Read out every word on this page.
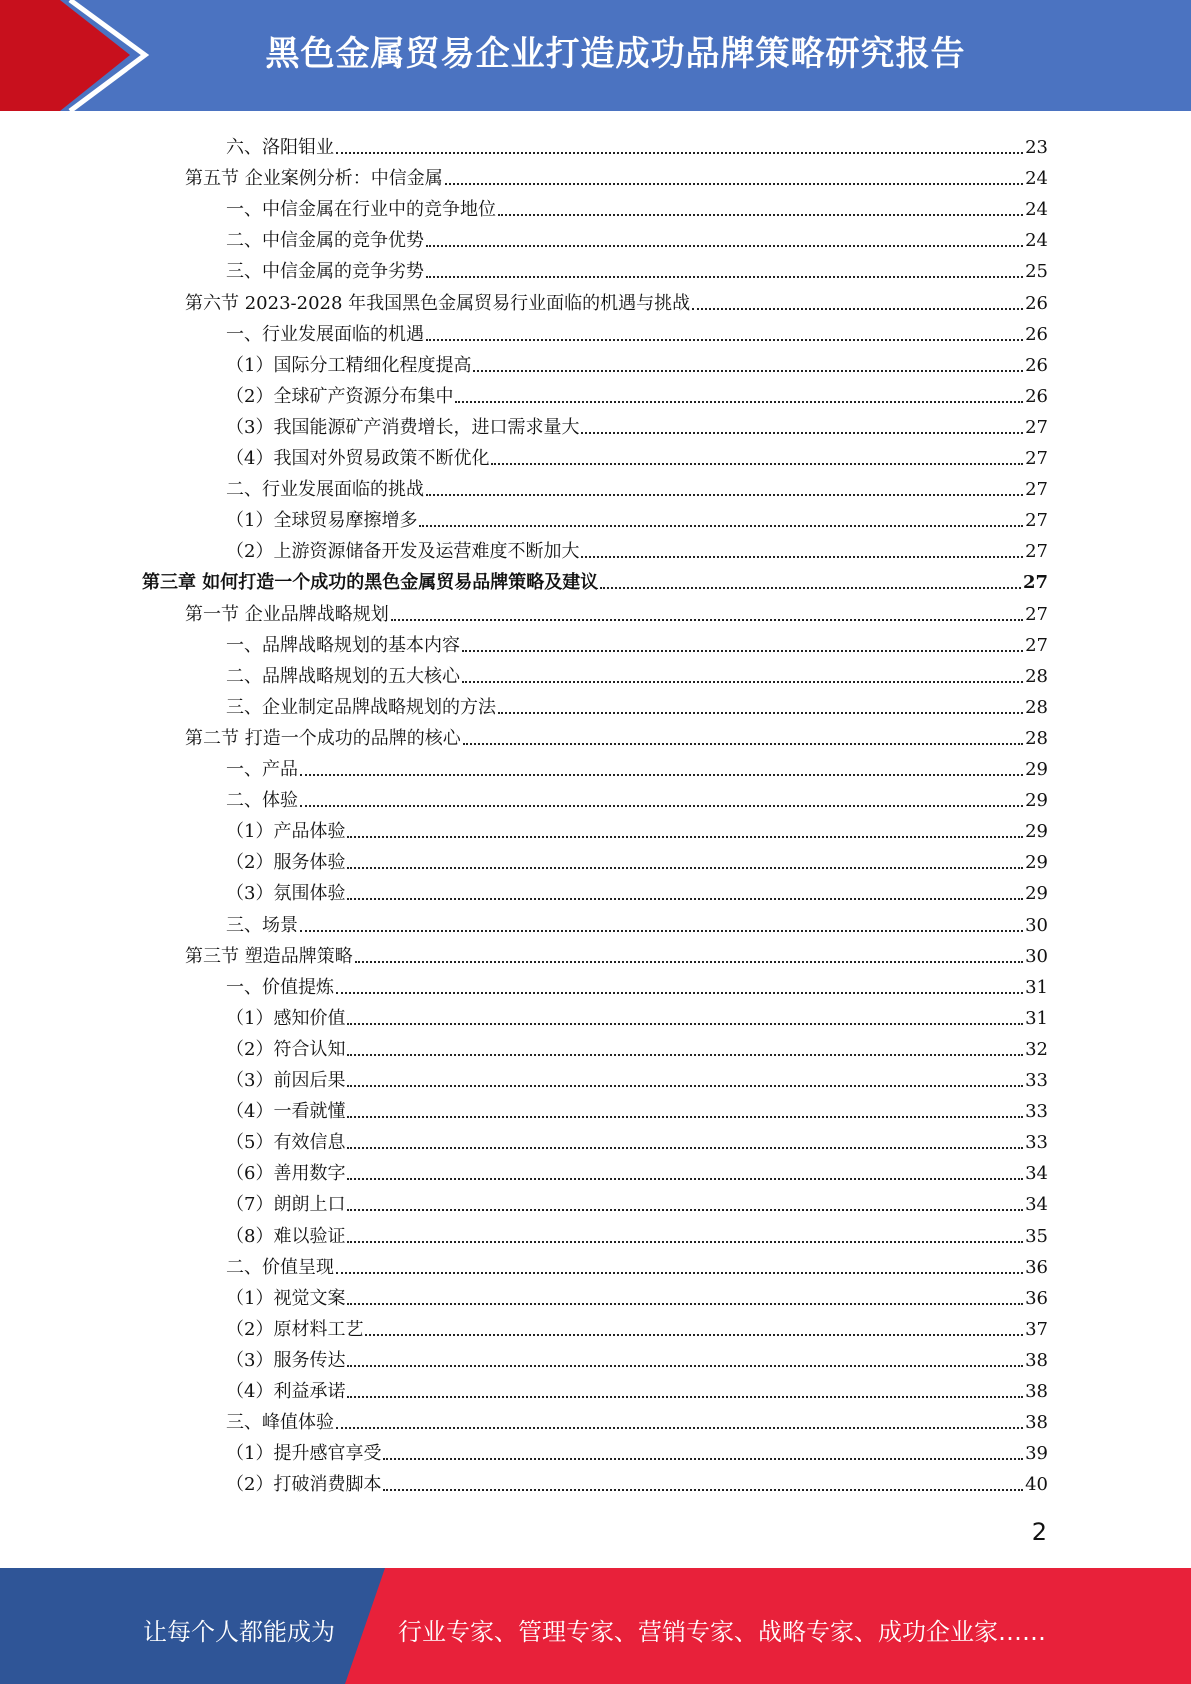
黑色金属贸易企业打造成功品牌策略研究报告
六、洛阳钼业	23
第五节 企业案例分析：中信金属	24
一、中信金属在行业中的竞争地位	24
二、中信金属的竞争优势	24
三、中信金属的竞争劣势	25
第六节 2023-2028 年我国黑色金属贸易行业面临的机遇与挑战	26
一、行业发展面临的机遇	26
（1）国际分工精细化程度提高	26
（2）全球矿产资源分布集中	26
（3）我国能源矿产消费增长，进口需求量大	27
（4）我国对外贸易政策不断优化	27
二、行业发展面临的挑战	27
（1）全球贸易摩擦增多	27
（2）上游资源储备开发及运营难度不断加大	27
第三章 如何打造一个成功的黑色金属贸易品牌策略及建议	27
第一节 企业品牌战略规划	27
一、品牌战略规划的基本内容	27
二、品牌战略规划的五大核心	28
三、企业制定品牌战略规划的方法	28
第二节 打造一个成功的品牌的核心	28
一、产品	29
二、体验	29
（1）产品体验	29
（2）服务体验	29
（3）氛围体验	29
三、场景	30
第三节 塑造品牌策略	30
一、价值提炼	31
（1）感知价值	31
（2）符合认知	32
（3）前因后果	33
（4）一看就懂	33
（5）有效信息	33
（6）善用数字	34
（7）朗朗上口	34
（8）难以验证	35
二、价值呈现	36
（1）视觉文案	36
（2）原材料工艺	37
（3）服务传达	38
（4）利益承诺	38
三、峰值体验	38
（1）提升感官享受	39
（2）打破消费脚本	40
2
让每个人都能成为	行业专家、管理专家、营销专家、战略专家、成功企业家……
